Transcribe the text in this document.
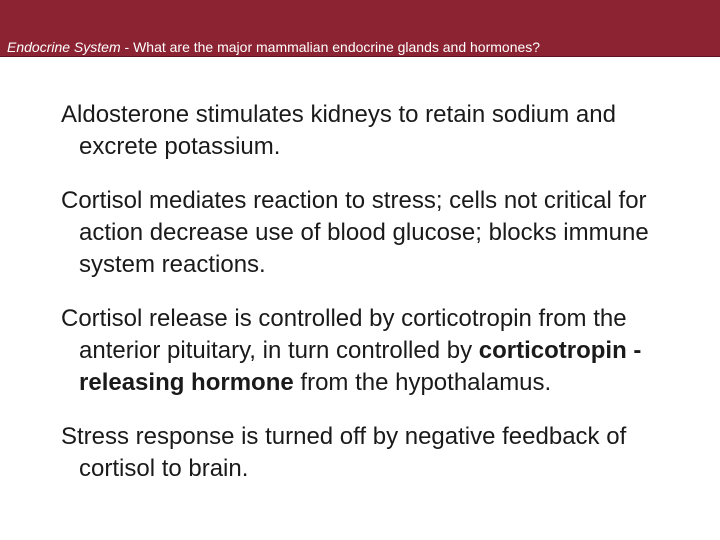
Endocrine System - What are the major mammalian endocrine glands and hormones?

Aldosterone stimulates kidneys to retain sodium and excrete potassium.

Cortisol mediates reaction to stress; cells not critical for action decrease use of blood glucose; blocks immune system reactions.

Cortisol release is controlled by corticotropin from the anterior pituitary, in turn controlled by corticotropin -releasing hormone from the hypothalamus.

Stress response is turned off by negative feedback of cortisol to brain.
